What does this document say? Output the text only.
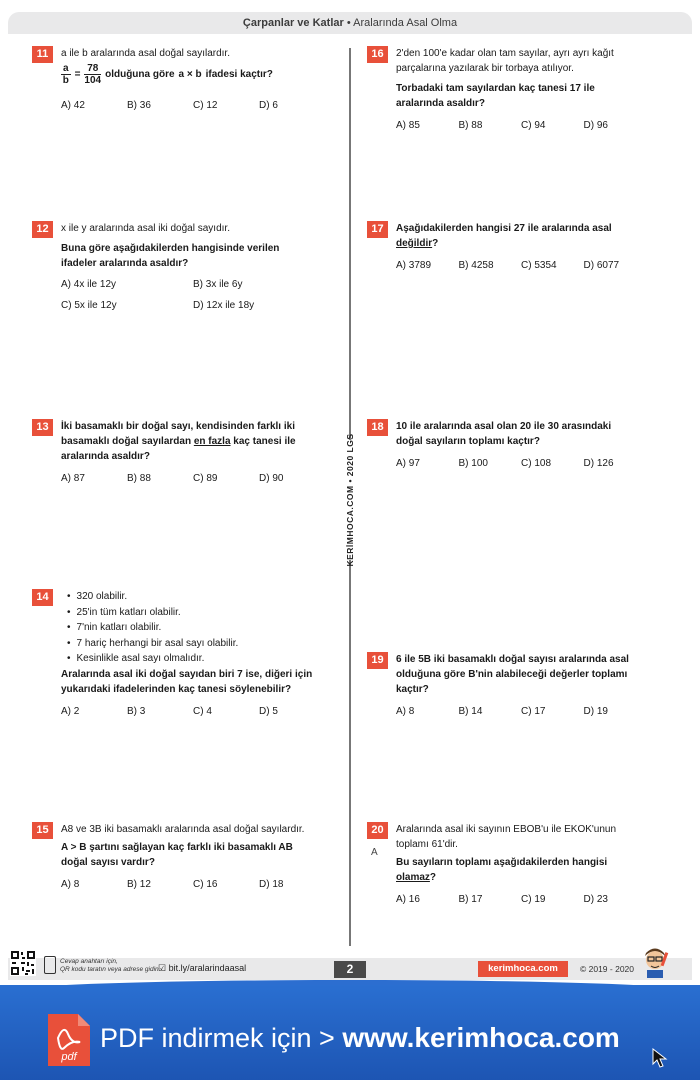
Çarpanlar ve Katlar • Aralarında Asal Olma
KERİMHOCA.COM • 2020 LGS
11	a ile b aralarında asal doğal sayılardır.

$\frac{a}{b} = \frac{78}{104}$ olduğuna göre a × b ifadesi kaçtır?
A) 42	B) 36	C) 12	D) 6
12	x ile y aralarında asal iki doğal sayıdır.

Buna göre aşağıdakilerden hangisinde verilen ifadeler aralarında asaldır?

A) 4x ile 12y	B) 3x ile 6y
C) 5x ile 12y	D) 12x ile 18y
13	İki basamaklı bir doğal sayı, kendisinden farklı iki basamaklı doğal sayılardan en fazla kaç tanesi ile aralarında asaldır?

A) 87	B) 88	C) 89	D) 90
14
•	320 olabilir.
• 25'in tüm katları olabilir.
• 7'nin katları olabilir.
• 7 hariç herhangi bir asal sayı olabilir.
• Kesinlikle asal sayı olmalıdır.

Aralarında asal iki doğal sayıdan biri 7 ise, diğeri için yukarıdaki ifadelerinden kaç tanesi söylenebilir?

A) 2	B) 3	C) 4	D) 5
15	A8 ve 3B iki basamaklı aralarında asal doğal sayılardır.

A > B şartını sağlayan kaç farklı iki basamaklı AB doğal sayısı vardır?

A) 8	B) 12	C) 16	D) 18
16	2'den 100'e kadar olan tam sayılar, ayrı ayrı kağıt parçalarına yazılarak bir torbaya atılıyor.

Torbadaki tam sayılardan kaç tanesi 17 ile aralarında asaldır?

A) 85	B) 88	C) 94	D) 96
17	Aşağıdakilerden hangisi 27 ile aralarında asal değildir?

A) 3789	B) 4258	C) 5354	D) 6077
18	10 ile aralarında asal olan 20 ile 30 arasındaki doğal sayıların toplamı kaçtır?

A) 97	B) 100	C) 108	D) 126
19	6 ile 5B iki basamaklı doğal sayısı aralarında asal olduğuna göre B'nin alabileceği değerler toplamı kaçtır?

A) 8	B) 14	C) 17	D) 19
20
A

Aralarında asal iki sayının EBOB'u ile EKOK'unun toplamı 61'dir.

Bu sayıların toplamı aşağıdakilerden hangisi olamaz?

A) 16	B) 17	C) 19	D) 23
Cevap anahtarı için,
QR kodu taratın veya adrese gidin ☑ bit.ly/aralarindaasal	2	kerimhoca.com	© 2019 - 2020
pdf
PDF indirmek için > www.kerimhoca.com
